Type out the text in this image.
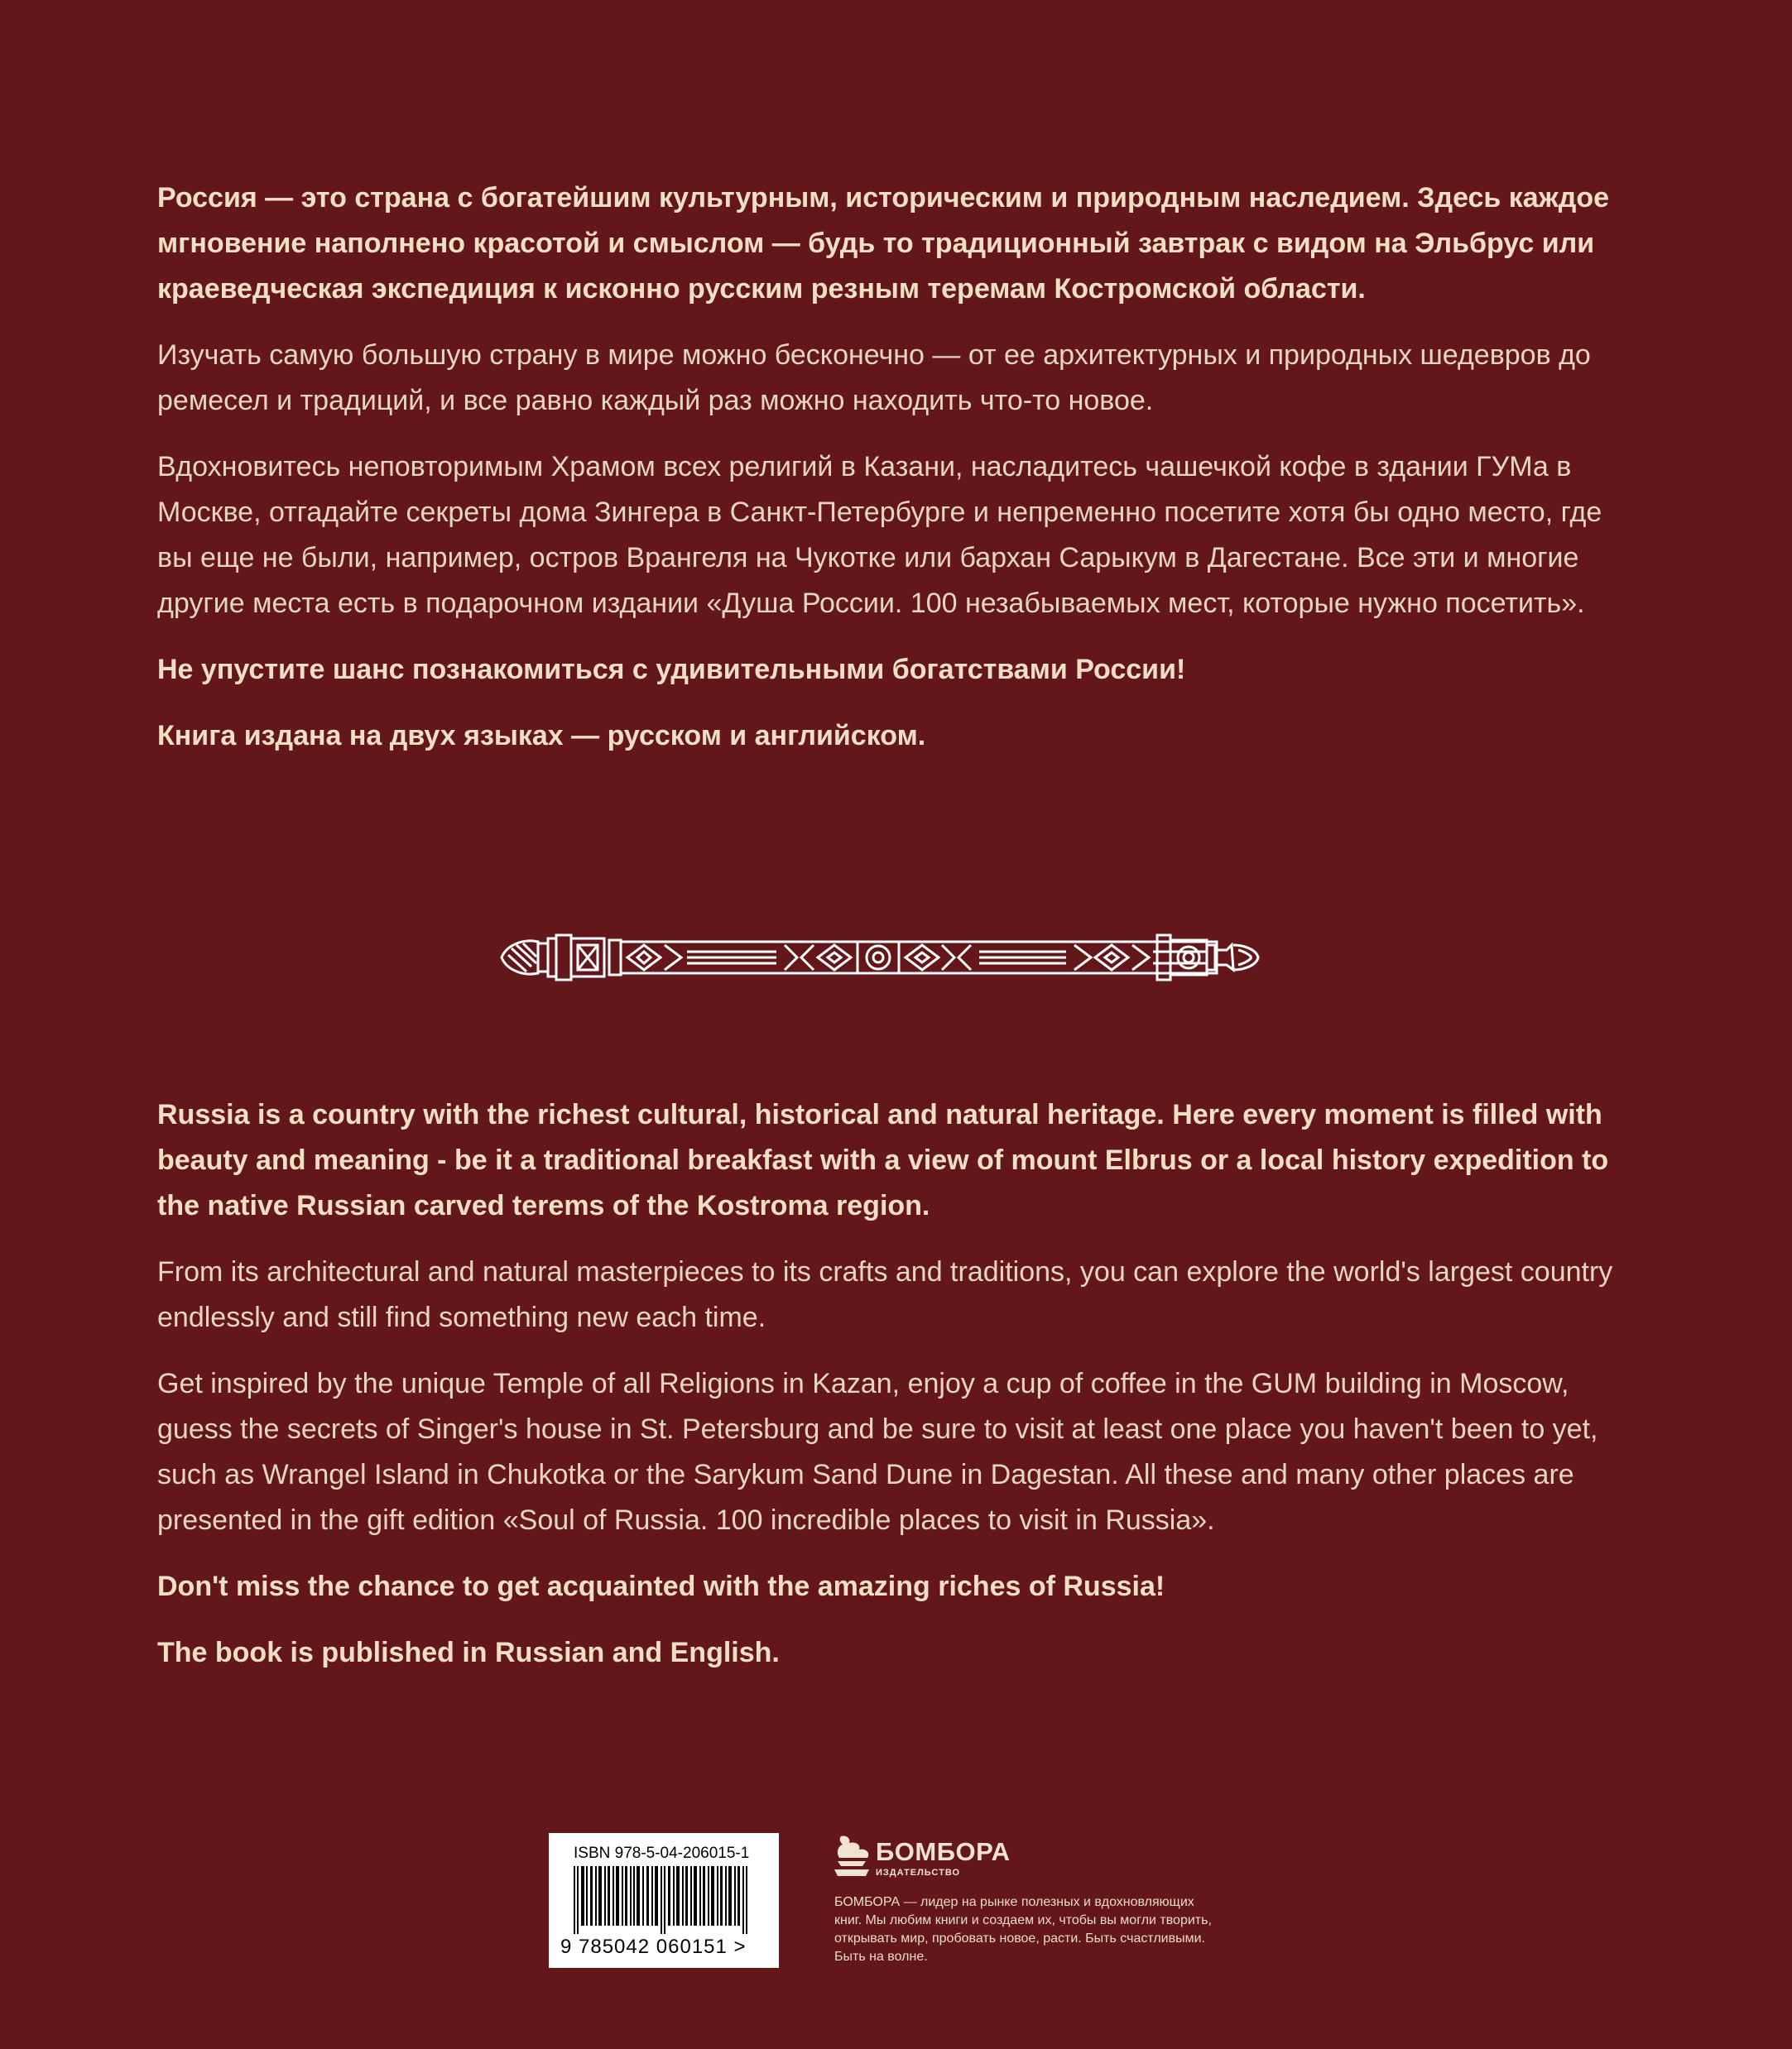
Россия — это страна с богатейшим культурным, историческим и природным наследием. Здесь каждое мгновение наполнено красотой и смыслом — будь то традиционный завтрак с видом на Эльбрус или краеведческая экспедиция к исконно русским резным теремам Костромской области.

Изучать самую большую страну в мире можно бесконечно — от ее архитектурных и природных шедевров до ремесел и традиций, и все равно каждый раз можно находить что-то новое.

Вдохновитесь неповторимым Храмом всех религий в Казани, насладитесь чашечкой кофе в здании ГУМа в Москве, отгадайте секреты дома Зингера в Санкт-Петербурге и непременно посетите хотя бы одно место, где вы еще не были, например, остров Врангеля на Чукотке или бархан Сарыкум в Дагестане. Все эти и многие другие места есть в подарочном издании «Душа России. 100 незабываемых мест, которые нужно посетить».

Не упустите шанс познакомиться с удивительными богатствами России!

Книга издана на двух языках — русском и английском.

Russia is a country with the richest cultural, historical and natural heritage. Here every moment is filled with beauty and meaning - be it a traditional breakfast with a view of mount Elbrus or a local history expedition to the native Russian carved terems of the Kostroma region.

From its architectural and natural masterpieces to its crafts and traditions, you can explore the world's largest country endlessly and still find something new each time.

Get inspired by the unique Temple of all Religions in Kazan, enjoy a cup of coffee in the GUM building in Moscow, guess the secrets of Singer's house in St. Petersburg and be sure to visit at least one place you haven't been to yet, such as Wrangel Island in Chukotka or the Sarykum Sand Dune in Dagestan. All these and many other places are presented in the gift edition «Soul of Russia. 100 incredible places to visit in Russia».

Don't miss the chance to get acquainted with the amazing riches of Russia!

The book is published in Russian and English.

ISBN 978-5-04-206015-1
9 785042 060151 >
БОМБОРА
ИЗДАТЕЛЬСТВО
БОМБОРА — лидер на рынке полезных и вдохновляющих книг. Мы любим книги и создаем их, чтобы вы могли творить, открывать мир, пробовать новое, расти. Быть счастливыми. Быть на волне.
